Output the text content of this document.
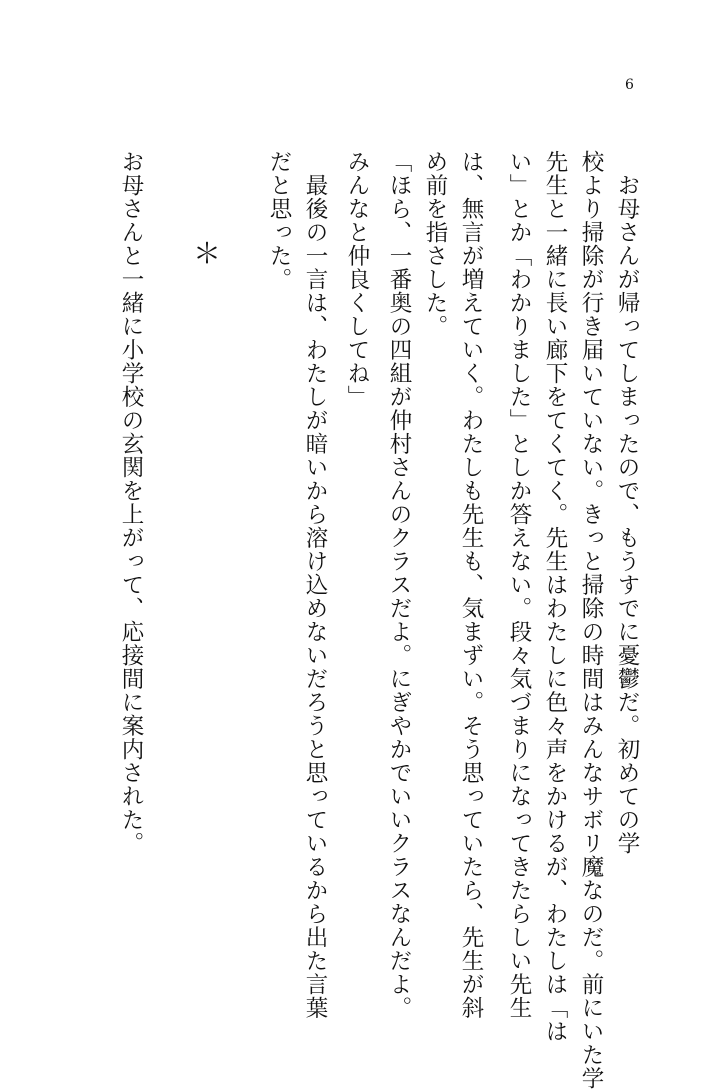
6
　お母さんが帰ってしまったので、もうすでに憂鬱だ。初めての学
校より掃除が行き届いていない。きっと掃除の時間はみんなサボリ魔なのだ。前にいた学
先生と一緒に長い廊下をてくてく。先生はわたしに色々声をかけるが、わたしは「は
い」とか「わかりました」としか答えない。段々気づまりになってきたらしい先生
は、無言が増えていく。わたしも先生も、気まずい。そう思っていたら、先生が斜
め前を指さした。
「ほら、一番奥の四組が仲村さんのクラスだよ。にぎやかでいいクラスなんだよ。
みんなと仲良くしてね」
　最後の一言は、わたしが暗いから溶け込めないだろうと思っているから出た言葉
だと思った。
＊
お母さんと一緒に小学校の玄関を上がって、応接間に案内された。
